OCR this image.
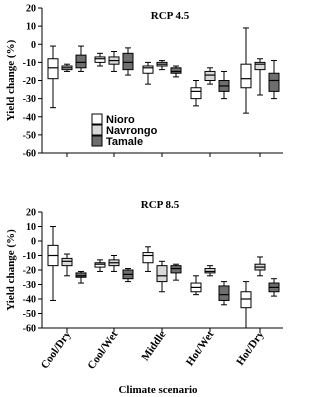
RCP 4.5
20
10
0
-10
-20
-30
-40
-50
-60
Yield change (%)
RCP 8.5
20
10
0
-10
-20
-30
-40
-50
-60
Yield change (%)
Nioro
Navrongo
Tamale
Cool/Dry Cool/Wet Middle Hot/Wet Hot/Dry
Climate scenario
